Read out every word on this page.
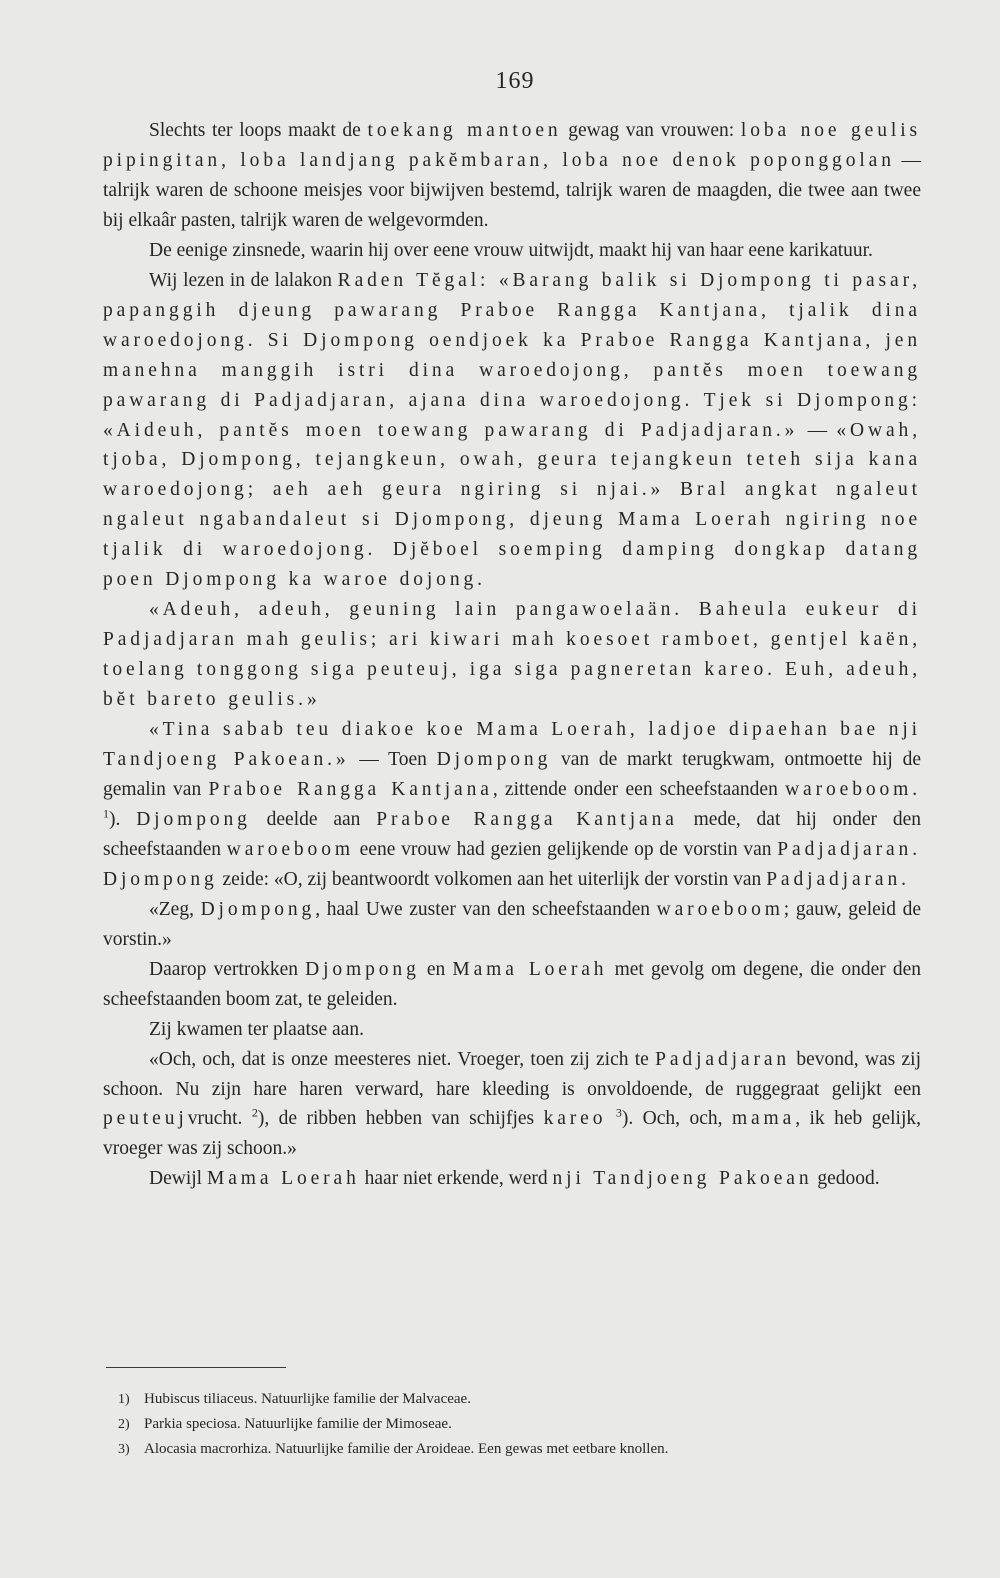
169

Slechts ter loops maakt de toekang mantoen gewag van vrouwen: loba noe geulis pipingitan, loba landjang pakĕmbaran, loba noe denok poponggolan — talrijk waren de schoone meisjes voor bijwijven bestemd, talrijk waren de maagden, die twee aan twee bij elkaâr pasten, talrijk waren de welgevormden.

De eenige zinsnede, waarin hij over eene vrouw uitwijdt, maakt hij van haar eene karikatuur.

Wij lezen in de lalakon Raden Tĕgal: «Barang balik si Djompong ti pasar, papanggih djeung pawarang Praboe Rangga Kantjana, tjalik dina waroedojong. Si Djompong oendjoek ka Praboe Rangga Kantjana, jen manehna manggih istri dina waroedojong, pantĕs moen toewang pawarang di Padjadjaran, ajana dina waroedojong. Tjek si Djompong: «Aideuh, pantĕs moen toewang pawarang di Padjadjaran.» — «Owah, tjoba, Djompong, tejangkeun, owah, geura tejangkeun teteh sija kana waroedojong; aeh aeh geura ngiring si njai.» Bral angkat ngaleut ngaleut ngabandaleut si Djompong, djeung Mama Loerah ngiring noe tjalik di waroedojong. Djĕboel soemping damping dongkap datang poen Djompong ka waroe dojong.

«Adeuh, adeuh, geuning lain pangawoelaän. Baheula eukeur di Padjadjaran mah geulis; ari kiwari mah koesoet ramboet, gentjel kaën, toelang tonggong siga peuteuj, iga siga pagneretan kareo. Euh, adeuh, bĕt bareto geulis.»

«Tina sabab teu diakoe koe Mama Loerah, ladjoe dipaehan bae nji Tandjoeng Pakoean.» — Toen Djompong van de markt terugkwam, ontmoette hij de gemalin van Praboe Rangga Kantjana, zittende onder een scheefstaanden waroeboom. $^1$). Djompong deelde aan Praboe Rangga Kantjana mede, dat hij onder den scheefstaanden waroeboom eene vrouw had gezien gelijkende op de vorstin van Padjadjaran. Djompong zeide: «O, zij beantwoordt volkomen aan het uiterlijk der vorstin van Padjadjaran.

«Zeg, Djompong, haal Uwe zuster van den scheefstaanden waroeboom; gauw, geleid de vorstin.»

Daarop vertrokken Djompong en Mama Loerah met gevolg om degene, die onder den scheefstaanden boom zat, te geleiden.

Zij kwamen ter plaatse aan.

«Och, och, dat is onze meesteres niet. Vroeger, toen zij zich te Padjadjaran bevond, was zij schoon. Nu zijn hare haren verward, hare kleeding is onvoldoende, de ruggegraat gelijkt een peuteujvrucht. $^2$), de ribben hebben van schijfjes kareo $^3$). Och, och, mama, ik heb gelijk, vroeger was zij schoon.»

Dewijl Mama Loerah haar niet erkende, werd nji Tandjoeng Pakoean gedood.

1) Hubiscus tiliaceus. Natuurlijke familie der Malvaceae.
2) Parkia speciosa. Natuurlijke familie der Mimoseae.
3) Alocasia macrorhiza. Natuurlijke familie der Aroideae. Een gewas met eetbare knollen.
